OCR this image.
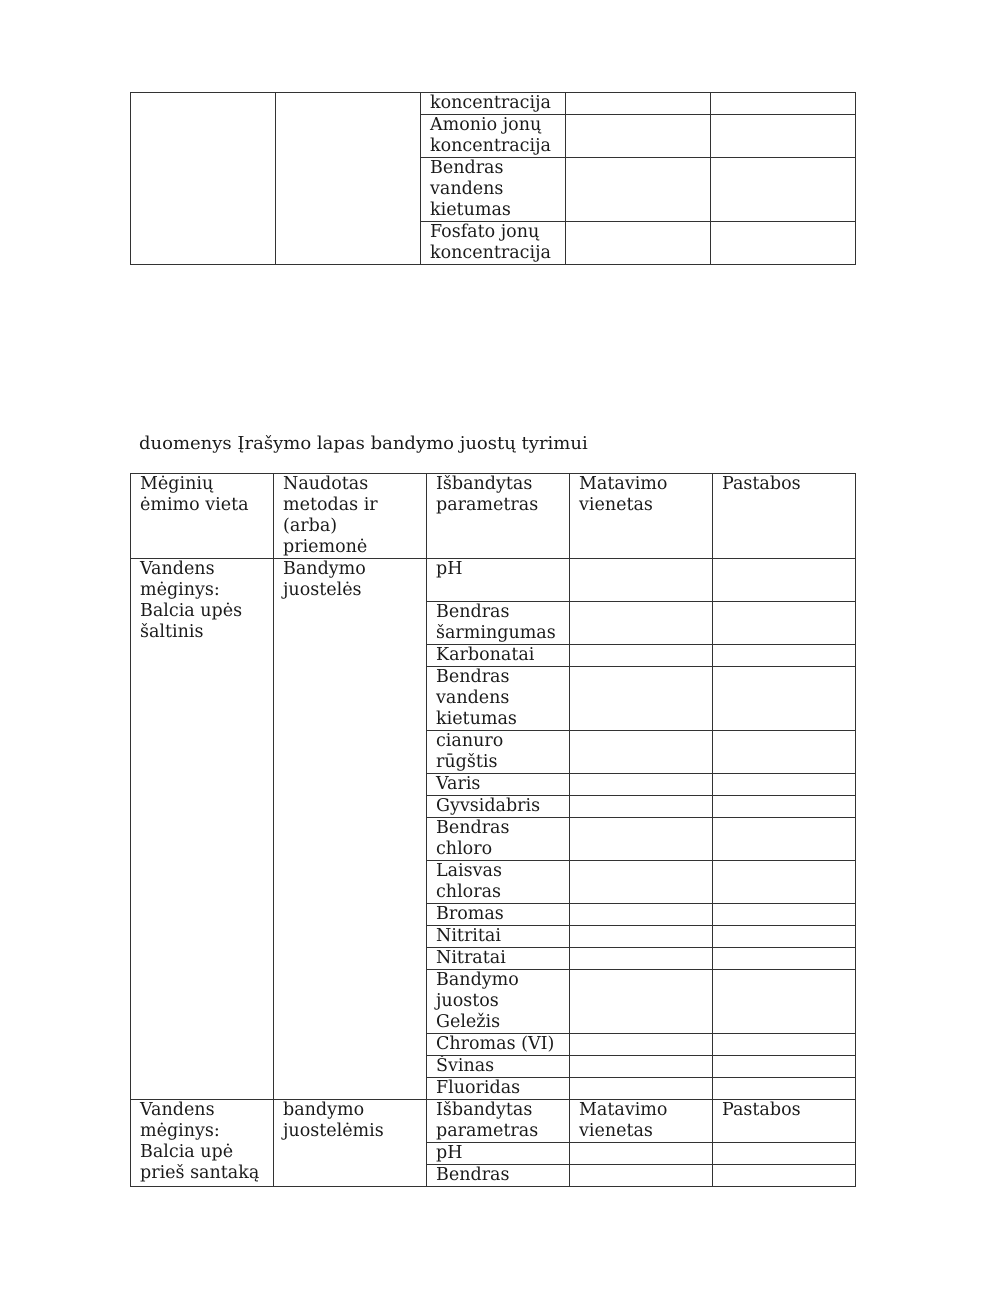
		koncentracija		
		Amonio jonų koncentracija		
		Bendras vandens kietumas		
		Fosfato jonų koncentracija		

duomenys Įrašymo lapas bandymo juostų tyrimui

Mėginių ėmimo vieta	Naudotas metodas ir (arba) priemonė	Išbandytas parametras	Matavimo vienetas	Pastabos
Vandens mėginys: Balcia upės šaltinis	Bandymo juostelės	pH		
		Bendras šarmingumas		
		Karbonatai		
		Bendras vandens kietumas		
		cianuro rūgštis		
		Varis		
		Gyvsidabris		
		Bendras chloro		
		Laisvas chloras		
		Bromas		
		Nitritai		
		Nitratai		
		Bandymo juostos Geležis		
		Chromas (VI)		
		Švinas		
		Fluoridas		
Vandens mėginys: Balcia upė prieš santaką	bandymo juostelėmis	Išbandytas parametras	Matavimo vienetas	Pastabos
		pH		
		Bendras		
